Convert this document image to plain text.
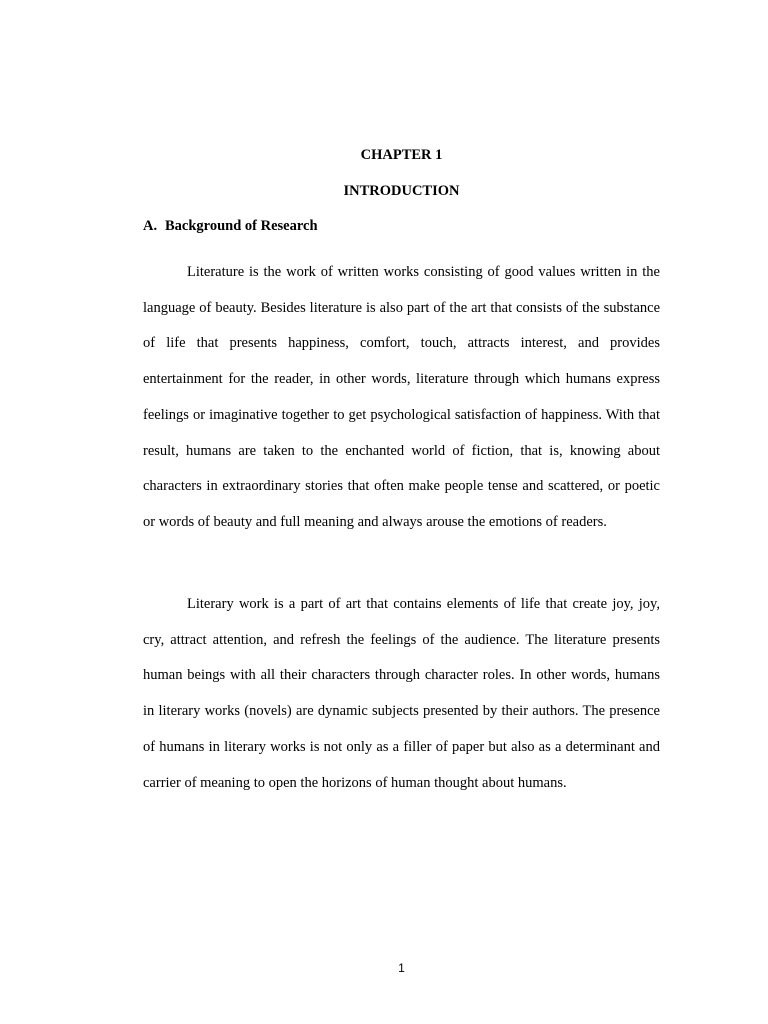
CHAPTER 1

INTRODUCTION

A. Background of Research

Literature is the work of written works consisting of good values written in the language of beauty. Besides literature is also part of the art that consists of the substance of life that presents happiness, comfort, touch, attracts interest, and provides entertainment for the reader, in other words, literature through which humans express feelings or imaginative together to get psychological satisfaction of happiness. With that result, humans are taken to the enchanted world of fiction, that is, knowing about characters in extraordinary stories that often make people tense and scattered, or poetic or words of beauty and full meaning and always arouse the emotions of readers.

Literary work is a part of art that contains elements of life that create joy, joy, cry, attract attention, and refresh the feelings of the audience. The literature presents human beings with all their characters through character roles. In other words, humans in literary works (novels) are dynamic subjects presented by their authors. The presence of humans in literary works is not only as a filler of paper but also as a determinant and carrier of meaning to open the horizons of human thought about humans.

1
